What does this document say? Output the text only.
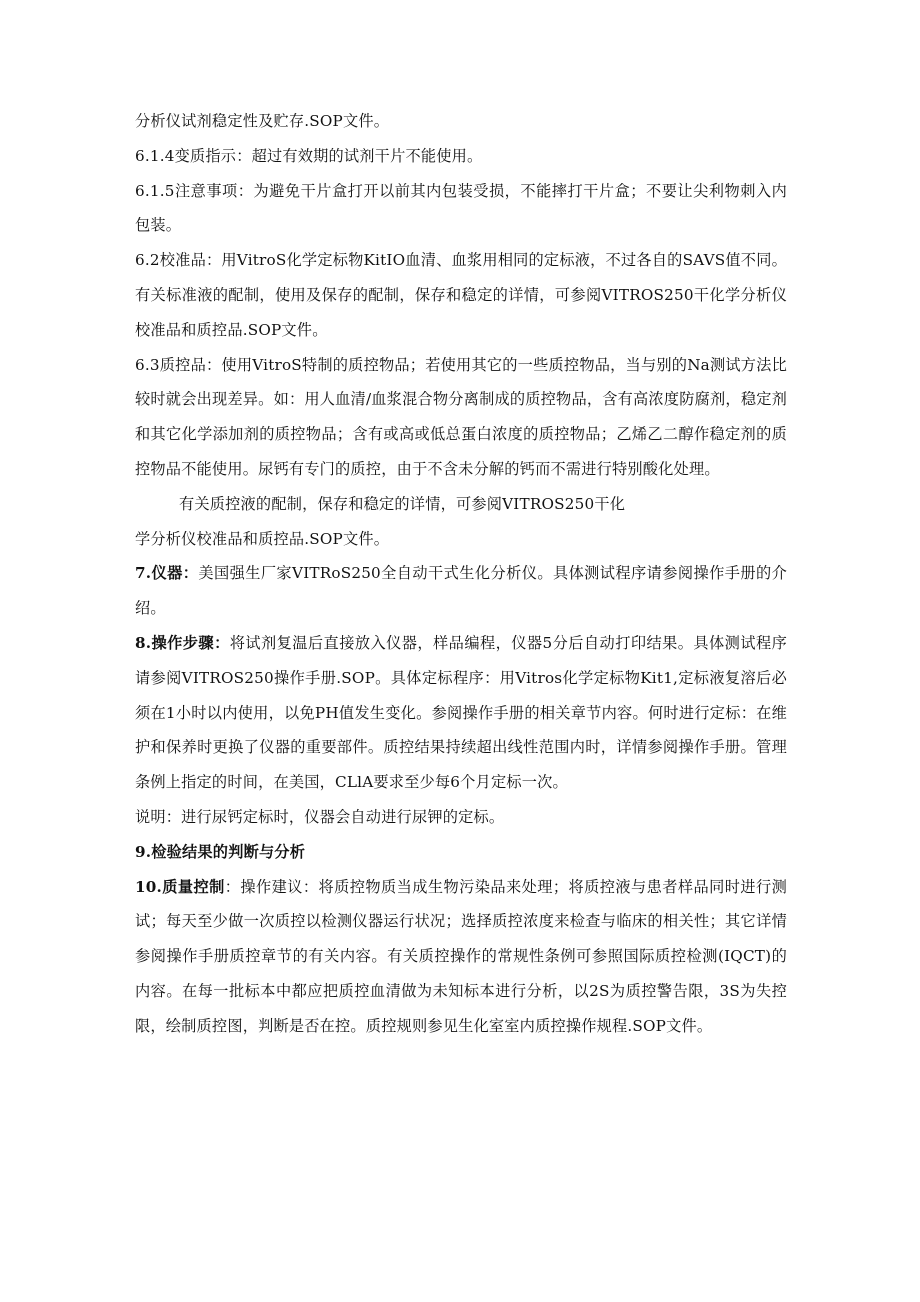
分析仪试剂稳定性及贮存.SOP文件。

6.1.4变质指示：超过有效期的试剂干片不能使用。

6.1.5注意事项：为避免干片盒打开以前其内包装受损，不能摔打干片盒；不要让尖利物刺入内包装。

6.2校准品：用VitroS化学定标物KitIO血清、血浆用相同的定标液，不过各自的SAVS值不同。有关标准液的配制，使用及保存的配制，保存和稳定的详情，可参阅VITROS250干化学分析仪校准品和质控品.SOP文件。

6.3质控品：使用VitroS特制的质控物品；若使用其它的一些质控物品，当与别的Na测试方法比较时就会出现差异。如：用人血清/血浆混合物分离制成的质控物品，含有高浓度防腐剂，稳定剂和其它化学添加剂的质控物品；含有或高或低总蛋白浓度的质控物品；乙烯乙二醇作稳定剂的质控物品不能使用。尿钙有专门的质控，由于不含未分解的钙而不需进行特别酸化处理。

有关质控液的配制，保存和稳定的详情，可参阅VITROS250干化
学分析仪校准品和质控品.SOP文件。

7.仪器：美国强生厂家VITRoS250全自动干式生化分析仪。具体测试程序请参阅操作手册的介绍。

8.操作步骤：将试剂复温后直接放入仪器，样品编程，仪器5分后自动打印结果。具体测试程序请参阅VITROS250操作手册.SOP。具体定标程序：用Vitros化学定标物Kit1,定标液复溶后必须在1小时以内使用，以免PH值发生变化。参阅操作手册的相关章节内容。何时进行定标：在维护和保养时更换了仪器的重要部件。质控结果持续超出线性范围内时，详情参阅操作手册。管理条例上指定的时间，在美国，CLlA要求至少每6个月定标一次。

说明：进行尿钙定标时，仪器会自动进行尿钾的定标。

9.检验结果的判断与分析

10.质量控制：操作建议：将质控物质当成生物污染品来处理；将质控液与患者样品同时进行测试；每天至少做一次质控以检测仪器运行状况；选择质控浓度来检查与临床的相关性；其它详情参阅操作手册质控章节的有关内容。有关质控操作的常规性条例可参照国际质控检测(IQCT)的内容。在每一批标本中都应把质控血清做为未知标本进行分析，以2S为质控警告限，3S为失控限，绘制质控图，判断是否在控。质控规则参见生化室室内质控操作规程.SOP文件。
